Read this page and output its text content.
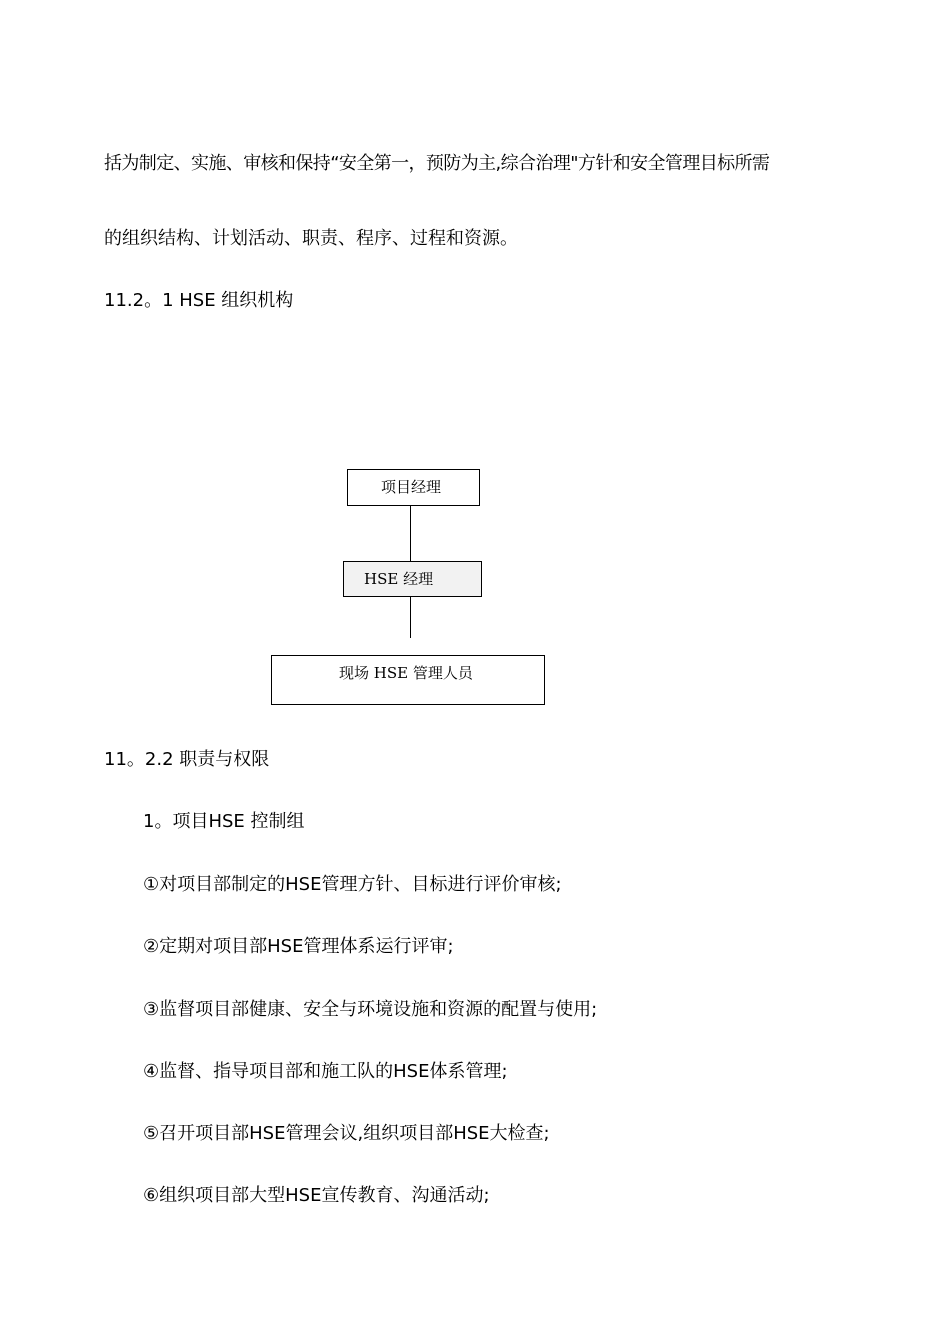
括为制定、实施、审核和保持“安全第一，预防为主,综合治理"方针和安全管理目标所需

的组织结构、计划活动、职责、程序、过程和资源。

11.2。1 HSE 组织机构
项目经理
HSE 经理
现场 HSE 管理人员
11。2.2 职责与权限
1。项目HSE 控制组

①对项目部制定的HSE管理方针、目标进行评价审核;

②定期对项目部HSE管理体系运行评审;

③监督项目部健康、安全与环境设施和资源的配置与使用;

④监督、指导项目部和施工队的HSE体系管理;

⑤召开项目部HSE管理会议,组织项目部HSE大检查;

⑥组织项目部大型HSE宣传教育、沟通活动;
